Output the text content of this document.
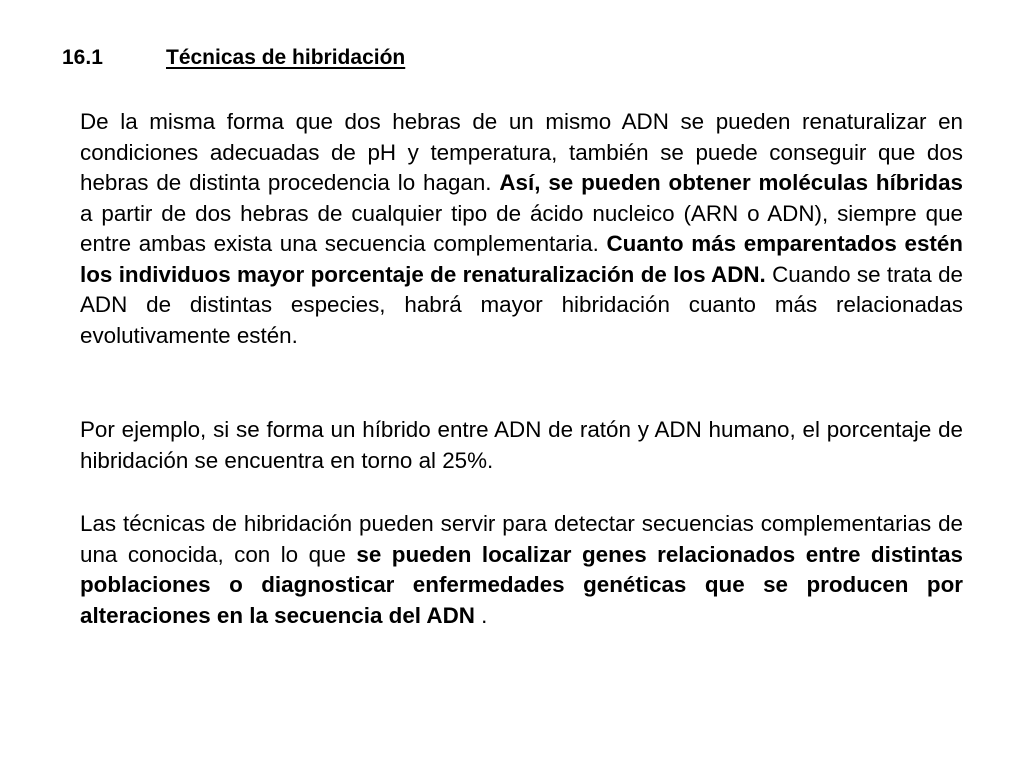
16.1	Técnicas de hibridación

De la misma forma que dos hebras de un mismo ADN se pueden renaturalizar en condiciones adecuadas de pH y temperatura, también se puede conseguir que dos hebras de distinta procedencia lo hagan. Así, se pueden obtener moléculas híbridas a partir de dos hebras de cualquier tipo de ácido nucleico (ARN o ADN), siempre que entre ambas exista una secuencia complementaria. Cuanto más emparentados estén los individuos mayor porcentaje de renaturalización de los ADN. Cuando se trata de ADN de distintas especies, habrá mayor hibridación cuanto más relacionadas evolutivamente estén.

Por ejemplo, si se forma un híbrido entre ADN de ratón y ADN humano, el porcentaje de hibridación se encuentra en torno al 25%.

Las técnicas de hibridación pueden servir para detectar secuencias complementarias de una conocida, con lo que se pueden localizar genes relacionados entre distintas poblaciones o diagnosticar enfermedades genéticas que se producen por alteraciones en la secuencia del ADN .
